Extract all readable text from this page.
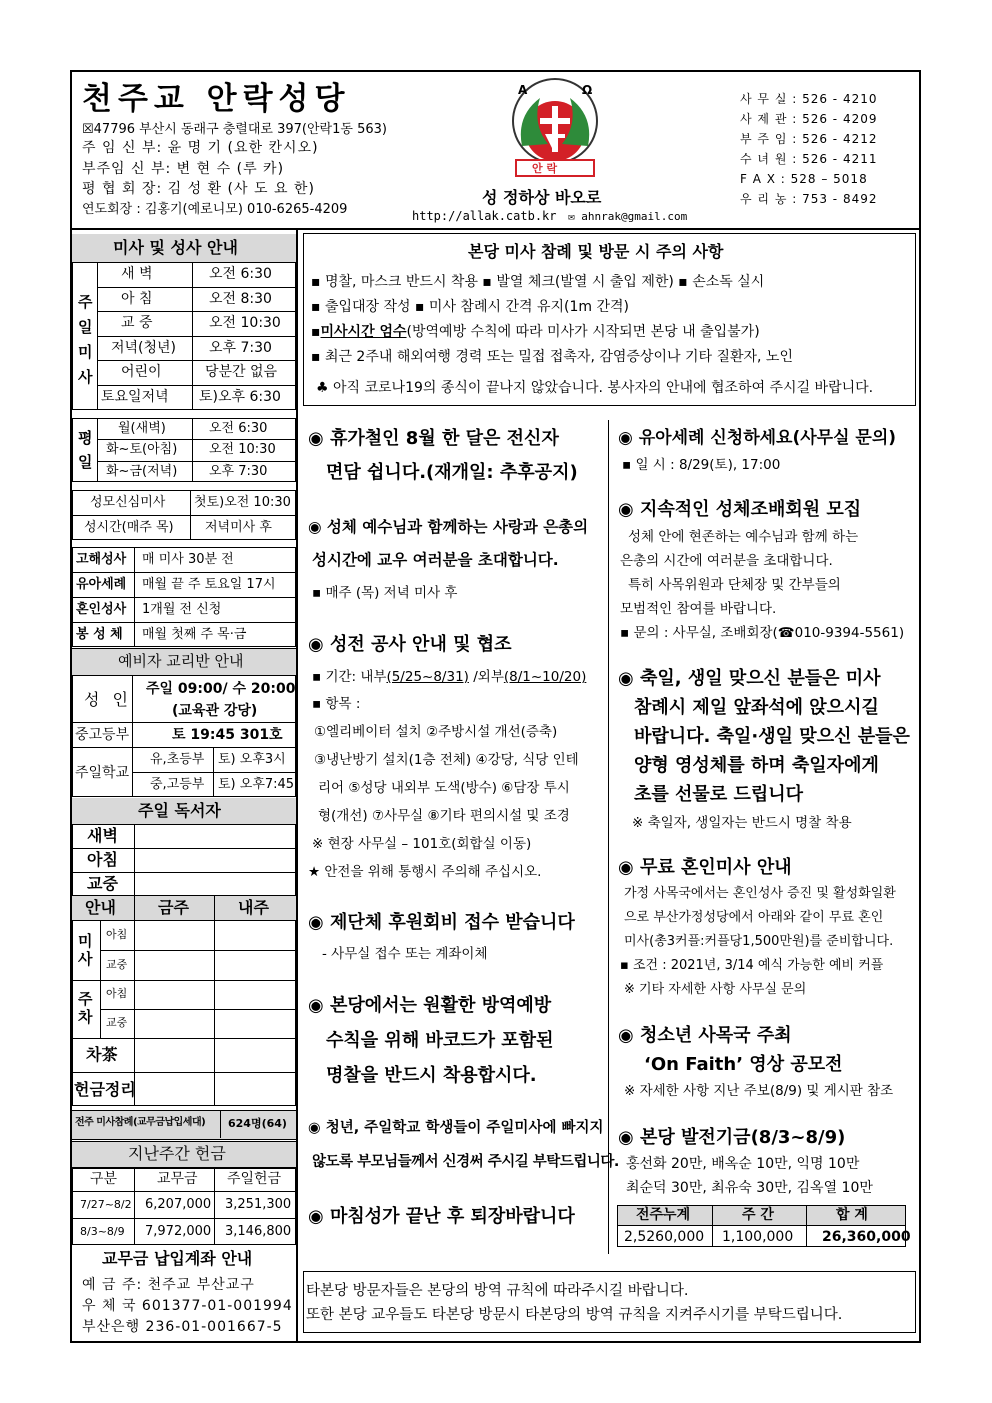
천주교 안락성당
☒47796 부산시 동래구 충렬대로 397(안락1동 563)
주 임 신 부: 윤 명 기 (요한 칸시오)
부주임 신 부: 변 현 수 (루 카)
평 협 회 장: 김 성 환 (사 도 요 한)
연도회장 : 김홍기(예로니모) 010-6265-4209
A	Ω
안 락
성 정하상 바오로
http://allak.catb.kr ✉ ahnrak@gmail.com
사 무 실 : 526 - 4210
사 제 관 : 526 - 4209
부 주 임 : 526 - 4212
수 녀 원 : 526 - 4211
F A X : 528 – 5018
우 리 농 : 753 - 8492
미사 및 성사 안내
주일미사
새 벽	오전 6:30
아 침	오전 8:30
교 중	오전 10:30
저녁(청년) 오후 7:30
어린이	당분간 없음
토요일저녁 토)오후 6:30
평일
월(새벽)	오전 6:30
화~토(아침) 오전 10:30
화~금(저녁) 오후 7:30
성모신심미사 첫토)오전 10:30
성시간(매주 목) 저녁미사 후
고해성사 매 미사 30분 전
유아세례 매월 끝 주 토요일 17시
혼인성사 1개월 전 신청
봉 성 체 매월 첫째 주 목·금
예비자 교리반 안내
성 인
주일 09:00/ 수 20:00
(교육관 강당)
중고등부	토 19:45 301호
주일학교
유,초등부 토) 오후3시
중,고등부 토) 오후7:45
주일 독서자
새벽
아침
교중
안내	금주	내주
미사
아침
교중
주차
아침
교중
차茶
헌금정리
전주 미사참례(교무금납입세대) 624명(64)
지난주간 헌금
구분	교무금 주일헌금
7/27~8/2 6,207,000 3,251,300
8/3~8/9 7,972,000 3,146,800
교무금 납입계좌 안내
예 금 주: 천주교 부산교구
우 체 국 601377-01-001994
부산은행 236-01-001667-5
본당 미사 참례 및 방문 시 주의 사항
▪ 명찰, 마스크 반드시 착용 ▪ 발열 체크(발열 시 출입 제한) ▪ 손소독 실시
▪ 출입대장 작성 ▪ 미사 참례시 간격 유지(1m 간격)
▪미사시간 엄수(방역예방 수칙에 따라 미사가 시작되면 본당 내 출입불가)
▪ 최근 2주내 해외여행 경력 또는 밀접 접촉자, 감염증상이나 기타 질환자, 노인
♣ 아직 코로나19의 종식이 끝나지 않았습니다. 봉사자의 안내에 협조하여 주시길 바랍니다.
◉ 휴가철인 8월 한 달은 전신자
면담 쉽니다.(재개일: 추후공지)
◉ 성체 예수님과 함께하는 사랑과 은총의
성시간에 교우 여러분을 초대합니다.
▪ 매주 (목) 저녁 미사 후
◉ 성전 공사 안내 및 협조
▪ 기간: 내부(5/25~8/31) /외부(8/1~10/20)
▪ 항목 :
①엘리베이터 설치 ②주방시설 개선(증축)
③냉난방기 설치(1층 전체) ④강당, 식당 인테
리어 ⑤성당 내외부 도색(방수) ⑥담장 투시
형(개선) ⑦사무실 ⑧기타 편의시설 및 조경
※ 현장 사무실 – 101호(회합실 이동)
★ 안전을 위해 통행시 주의해 주십시오.
◉ 제단체 후원회비 접수 받습니다
- 사무실 접수 또는 계좌이체
◉ 본당에서는 원활한 방역예방
수칙을 위해 바코드가 포함된
명찰을 반드시 착용합시다.
◉ 청년, 주일학교 학생들이 주일미사에 빠지지
않도록 부모님들께서 신경써 주시길 부탁드립니다.
◉ 마침성가 끝난 후 퇴장바랍니다
◉ 유아세례 신청하세요(사무실 문의)
▪ 일 시 : 8/29(토), 17:00
◉ 지속적인 성체조배회원 모집
성체 안에 현존하는 예수님과 함께 하는
은총의 시간에 여러분을 초대합니다.
특히 사목위원과 단체장 및 간부들의
모범적인 참여를 바랍니다.
▪ 문의 : 사무실, 조배회장(☎010-9394-5561)
◉ 축일, 생일 맞으신 분들은 미사
참례시 제일 앞좌석에 앉으시길
바랍니다. 축일·생일 맞으신 분들은
양형 영성체를 하며 축일자에게
초를 선물로 드립니다
※ 축일자, 생일자는 반드시 명찰 착용
◉ 무료 혼인미사 안내
가정 사목국에서는 혼인성사 증진 및 활성화일환
으로 부산가정성당에서 아래와 같이 무료 혼인
미사(총3커플:커플당1,500만원)를 준비합니다.
▪ 조건 : 2021년, 3/14 예식 가능한 예비 커플
※ 기타 자세한 사항 사무실 문의
◉ 청소년 사목국 주최
‘On Faith’ 영상 공모전
※ 자세한 사항 지난 주보(8/9) 및 게시판 참조
◉ 본당 발전기금(8/3~8/9)
홍선화 20만, 배옥순 10만, 익명 10만
최순덕 30만, 최유숙 30만, 김옥열 10만
전주누계	주 간	합 계
2,5260,000 1,100,000 26,360,000
타본당 방문자들은 본당의 방역 규칙에 따라주시길 바랍니다.
또한 본당 교우들도 타본당 방문시 타본당의 방역 규칙을 지켜주시기를 부탁드립니다.
